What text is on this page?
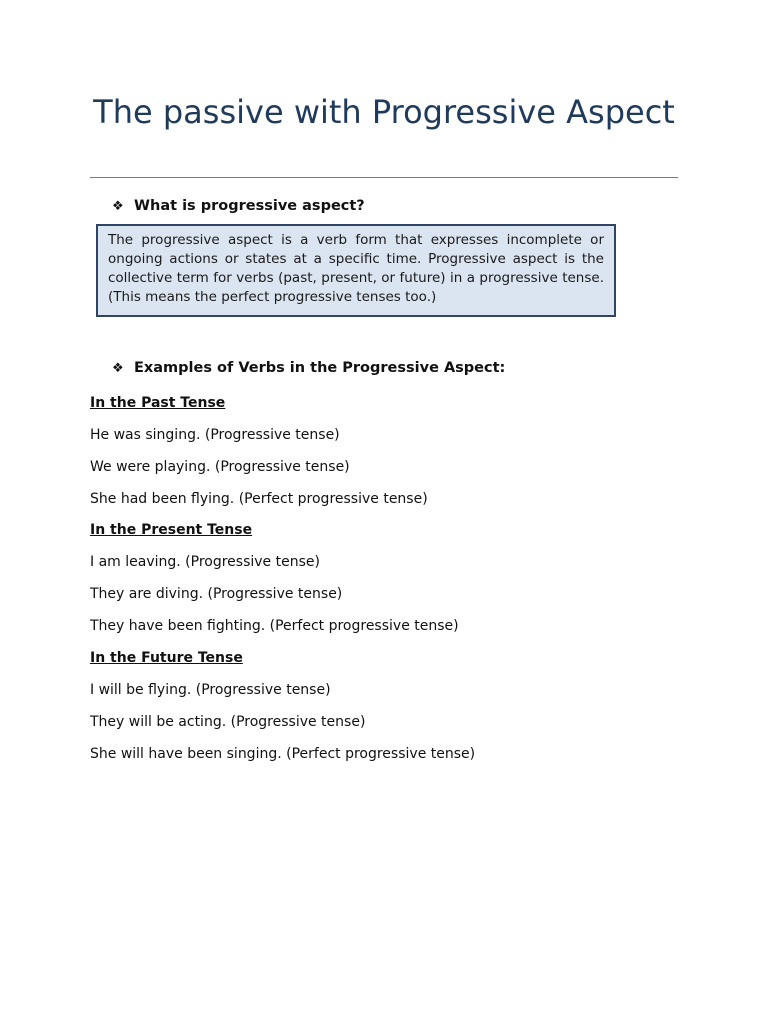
The passive with Progressive Aspect
❖ What is progressive aspect?
The progressive aspect is a verb form that expresses incomplete or ongoing actions or states at a specific time. Progressive aspect is the collective term for verbs (past, present, or future) in a progressive tense. (This means the perfect progressive tenses too.)
❖ Examples of Verbs in the Progressive Aspect:
In the Past Tense
He was singing. (Progressive tense)
We were playing. (Progressive tense)
She had been flying. (Perfect progressive tense)
In the Present Tense
I am leaving. (Progressive tense)
They are diving. (Progressive tense)
They have been fighting. (Perfect progressive tense)
In the Future Tense
I will be flying. (Progressive tense)
They will be acting. (Progressive tense)
She will have been singing. (Perfect progressive tense)
